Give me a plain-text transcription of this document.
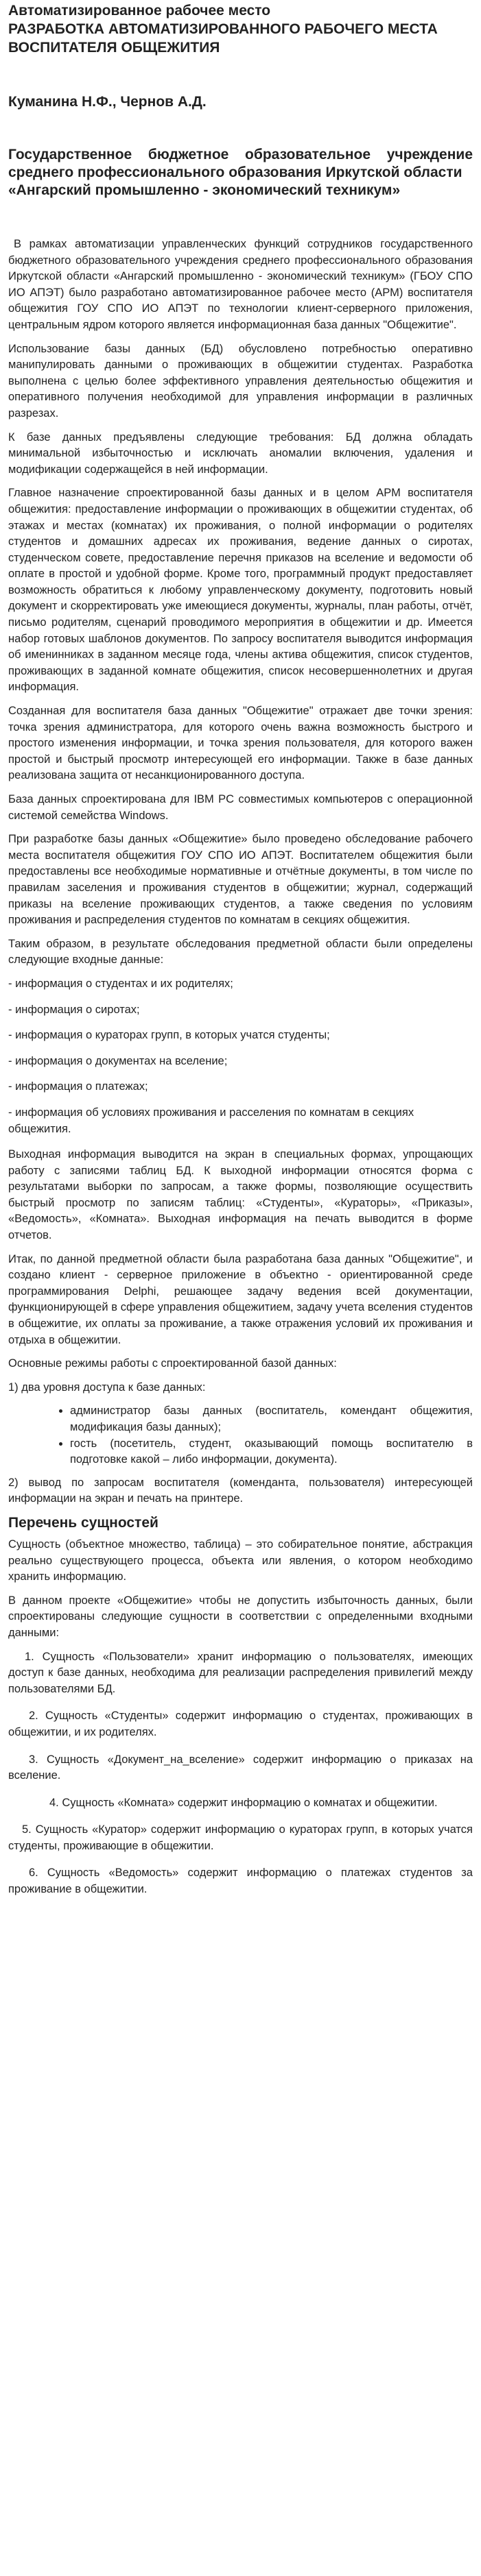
Автоматизированное рабочее место
РАЗРАБОТКА АВТОМАТИЗИРОВАННОГО РАБОЧЕГО МЕСТА ВОСПИТАТЕЛЯ ОБЩЕЖИТИЯ
Куманина Н.Ф., Чернов А.Д.
Государственное бюджетное образовательное учреждение среднего профессионального образования Иркутской области
«Ангарский промышленно - экономический техникум»

В рамках автоматизации управленческих функций сотрудников государственного бюджетного образовательного учреждения среднего профессионального образования Иркутской области «Ангарский промышленно - экономический техникум» (ГБОУ СПО ИО АПЭТ) было разработано автоматизированное рабочее место (АРМ) воспитателя общежития ГОУ СПО ИО АПЭТ по технологии клиент-серверного приложения, центральным ядром которого является информационная база данных "Общежитие".

Использование базы данных (БД) обусловлено потребностью оперативно манипулировать данными о проживающих в общежитии студентах. Разработка выполнена с целью более эффективного управления деятельностью общежития и оперативного получения необходимой для управления информации в различных разрезах.

К базе данных предъявлены следующие требования: БД должна обладать минимальной избыточностью и исключать аномалии включения, удаления и модификации содержащейся в ней информации.

Главное назначение спроектированной базы данных и в целом АРМ воспитателя общежития: предоставление информации о проживающих в общежитии студентах, об этажах и местах (комнатах) их проживания, о полной информации о родителях студентов и домашних адресах их проживания, ведение данных о сиротах, студенческом совете, предоставление перечня приказов на вселение и ведомости об оплате в простой и удобной форме. Кроме того, программный продукт предоставляет возможность обратиться к любому управленческому документу, подготовить новый документ и скорректировать уже имеющиеся документы, журналы, план работы, отчёт, письмо родителям, сценарий проводимого мероприятия в общежитии и др. Имеется набор готовых шаблонов документов. По запросу воспитателя выводится информация об именинниках в заданном месяце года, члены актива общежития, список студентов, проживающих в заданной комнате общежития, список несовершеннолетних и другая информация.

Созданная для воспитателя база данных "Общежитие" отражает две точки зрения: точка зрения администратора, для которого очень важна возможность быстрого и простого изменения информации, и точка зрения пользователя, для которого важен простой и быстрый просмотр интересующей его информации. Также в базе данных реализована защита от несанкционированного доступа.

База данных спроектирована для IBM PC совместимых компьютеров с операционной системой семейства Windows.

При разработке базы данных «Общежитие» было проведено обследование рабочего места воспитателя общежития ГОУ СПО ИО АПЭТ. Воспитателем общежития были предоставлены все необходимые нормативные и отчётные документы, в том числе по правилам заселения и проживания студентов в общежитии; журнал, содержащий приказы на вселение проживающих студентов, а также сведения по условиям проживания и распределения студентов по комнатам в секциях общежития.

Таким образом, в результате обследования предметной области были определены следующие входные данные:

- информация о студентах и их родителях;
- информация о сиротах;
- информация о кураторах групп, в которых учатся студенты;
- информация о документах на вселение;
- информация о платежах;
- информация об условиях проживания и расселения по комнатам в секциях общежития.

Выходная информация выводится на экран в специальных формах, упрощающих работу с записями таблиц БД. К выходной информации относятся форма с результатами выборки по запросам, а также формы, позволяющие осуществить быстрый просмотр по записям таблиц: «Студенты», «Кураторы», «Приказы», «Ведомость», «Комната». Выходная информация на печать выводится в форме отчетов.

Итак, по данной предметной области была разработана база данных "Общежитие", и создано клиент - серверное приложение в объектно - ориентированной среде программирования Delphi, решающее задачу ведения всей документации, функционирующей в сфере управления общежитием, задачу учета вселения студентов в общежитие, их оплаты за проживание, а также отражения условий их проживания и отдыха в общежитии.

Основные режимы работы с спроектированной базой данных:

1) два уровня доступа к базе данных:

• администратор базы данных (воспитатель, комендант общежития, модификация базы данных);
• гость (посетитель, студент, оказывающий помощь воспитателю в подготовке какой – либо информации, документа).

2) вывод по запросам воспитателя (коменданта, пользователя) интересующей информации на экран и печать на принтере.

Перечень сущностей

Сущность (объектное множество, таблица) – это собирательное понятие, абстракция реально существующего процесса, объекта или явления, о котором необходимо хранить информацию.

В данном проекте «Общежитие» чтобы не допустить избыточность данных, были спроектированы следующие сущности в соответствии с определенными входными данными:

1. Сущность «Пользователи» хранит информацию о пользователях, имеющих доступ к базе данных, необходима для реализации распределения привилегий между пользователями БД.
2. Сущность «Студенты» содержит информацию о студентах, проживающих в общежитии, и их родителях.
3. Сущность «Документ_на_вселение» содержит информацию о приказах на вселение.
4. Сущность «Комната» содержит информацию о комнатах и общежитии.
5. Сущность «Куратор» содержит информацию о кураторах групп, в которых учатся студенты, проживающие в общежитии.
6. Сущность «Ведомость» содержит информацию о платежах студентов за проживание в общежитии.
